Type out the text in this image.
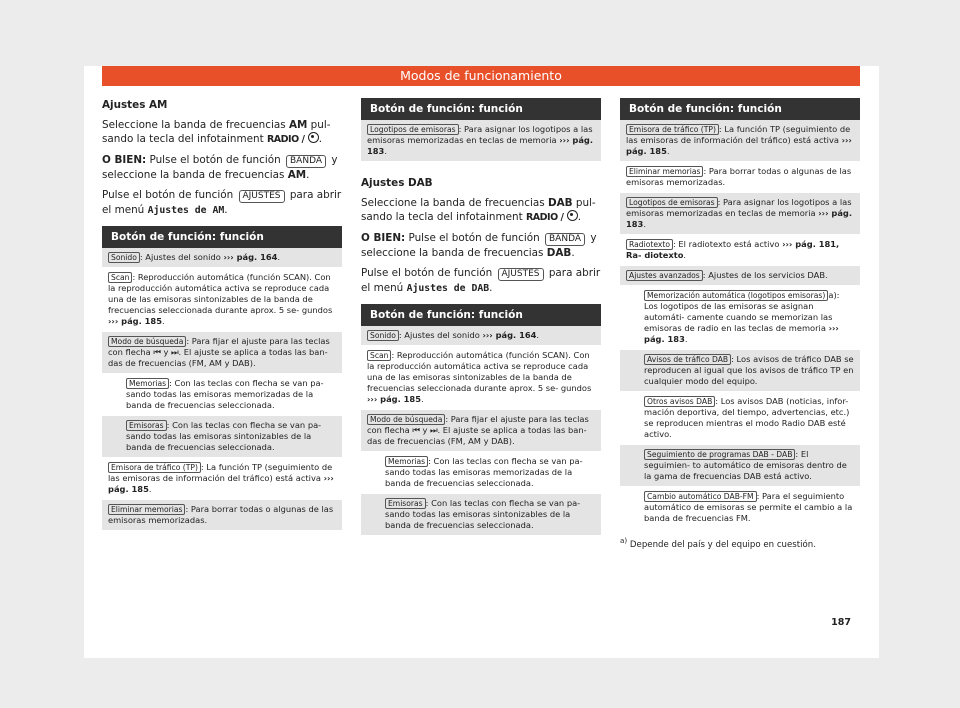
Modos de funcionamiento

Ajustes AM

Seleccione la banda de frecuencias AM pul- sando la tecla del infotainment RADIO / .

O BIEN: Pulse el botón de función BANDA y seleccione la banda de frecuencias AM.

Pulse el botón de función AJUSTES para abrir el menú Ajustes de AM.

Botón de función: función
Sonido : Ajustes del sonido ››› pág. 164.
Scan : Reproducción automática (función SCAN). Con la reproducción automática activa se reproduce cada una de las emisoras sintonizables de la banda de frecuencias seleccionada durante aprox. 5 se- gundos ››› pág. 185.
Modo de búsqueda : Para fijar el ajuste para las teclas con flecha ⏮ y ⏭. El ajuste se aplica a todas las ban- das de frecuencias (FM, AM y DAB).
Memorias : Con las teclas con flecha se van pa- sando todas las emisoras memorizadas de la banda de frecuencias seleccionada.
Emisoras : Con las teclas con flecha se van pa- sando todas las emisoras sintonizables de la banda de frecuencias seleccionada.
Emisora de tráfico (TP) : La función TP (seguimiento de las emisoras de información del tráfico) está activa ››› pág. 185.
Eliminar memorias : Para borrar todas o algunas de las emisoras memorizadas.
Botón de función: función
Logotipos de emisoras : Para asignar los logotipos a las emisoras memorizadas en teclas de memoria ››› pág. 183.

Ajustes DAB

Seleccione la banda de frecuencias DAB pul- sando la tecla del infotainment RADIO / .

O BIEN: Pulse el botón de función BANDA y seleccione la banda de frecuencias DAB.

Pulse el botón de función AJUSTES para abrir el menú Ajustes de DAB.

Botón de función: función
Sonido : Ajustes del sonido ››› pág. 164.
Scan : Reproducción automática (función SCAN). Con la reproducción automática activa se reproduce cada una de las emisoras sintonizables de la banda de frecuencias seleccionada durante aprox. 5 se- gundos ››› pág. 185.
Modo de búsqueda : Para fijar el ajuste para las teclas con flecha ⏮ y ⏭. El ajuste se aplica a todas las ban- das de frecuencias (FM, AM y DAB).
Memorias : Con las teclas con flecha se van pa- sando todas las emisoras memorizadas de la banda de frecuencias seleccionada.
Emisoras : Con las teclas con flecha se van pa- sando todas las emisoras sintonizables de la banda de frecuencias seleccionada.
Botón de función: función
Emisora de tráfico (TP) : La función TP (seguimiento de las emisoras de información del tráfico) está activa ››› pág. 185.
Eliminar memorias : Para borrar todas o algunas de las emisoras memorizadas.
Logotipos de emisoras : Para asignar los logotipos a las emisoras memorizadas en teclas de memoria ››› pág. 183.
Radiotexto : El radiotexto está activo ››› pág. 181, Ra- diotexto.
Ajustes avanzados : Ajustes de los servicios DAB.
Memorización automática (logotipos emisoras) a): Los logotipos de las emisoras se asignan automáti- camente cuando se memorizan las emisoras de radio en las teclas de memoria ››› pág. 183.
Avisos de tráfico DAB : Los avisos de tráfico DAB se reproducen al igual que los avisos de tráfico TP en cualquier modo del equipo.
Otros avisos DAB : Los avisos DAB (noticias, infor- mación deportiva, del tiempo, advertencias, etc.) se reproducen mientras el modo Radio DAB esté activo.
Seguimiento de programas DAB - DAB : El seguimien- to automático de emisoras dentro de la gama de frecuencias DAB está activo.
Cambio automático DAB-FM : Para el seguimiento automático de emisoras se permite el cambio a la banda de frecuencias FM.
$^{a)}$ Depende del país y del equipo en cuestión.
187
